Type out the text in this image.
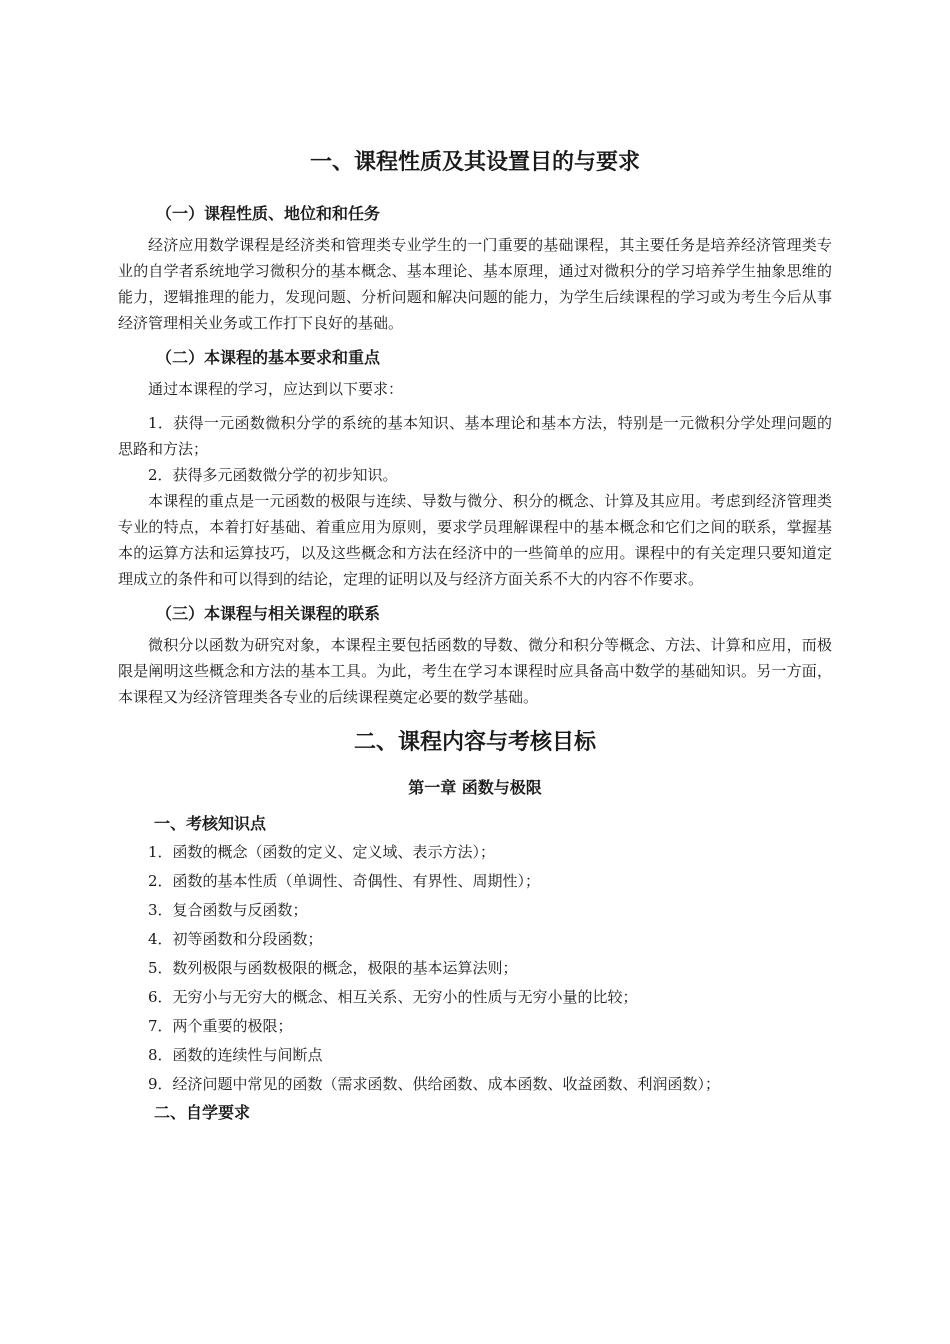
一、课程性质及其设置目的与要求
（一）课程性质、地位和和任务

经济应用数学课程是经济类和管理类专业学生的一门重要的基础课程，其主要任务是培养经济管理类专业的自学者系统地学习微积分的基本概念、基本理论、基本原理，通过对微积分的学习培养学生抽象思维的能力，逻辑推理的能力，发现问题、分析问题和解决问题的能力，为学生后续课程的学习或为考生今后从事经济管理相关业务或工作打下良好的基础。

（二）本课程的基本要求和重点

通过本课程的学习，应达到以下要求：

1．获得一元函数微积分学的系统的基本知识、基本理论和基本方法，特别是一元微积分学处理问题的思路和方法；

2．获得多元函数微分学的初步知识。

本课程的重点是一元函数的极限与连续、导数与微分、积分的概念、计算及其应用。考虑到经济管理类专业的特点，本着打好基础、着重应用为原则，要求学员理解课程中的基本概念和它们之间的联系，掌握基本的运算方法和运算技巧，以及这些概念和方法在经济中的一些简单的应用。课程中的有关定理只要知道定理成立的条件和可以得到的结论，定理的证明以及与经济方面关系不大的内容不作要求。

（三）本课程与相关课程的联系

微积分以函数为研究对象，本课程主要包括函数的导数、微分和积分等概念、方法、计算和应用，而极限是阐明这些概念和方法的基本工具。为此，考生在学习本课程时应具备高中数学的基础知识。另一方面，本课程又为经济管理类各专业的后续课程奠定必要的数学基础。

二、课程内容与考核目标
第一章 函数与极限
一、考核知识点

1．函数的概念（函数的定义、定义域、表示方法）；

2．函数的基本性质（单调性、奇偶性、有界性、周期性）；

3．复合函数与反函数；

4．初等函数和分段函数；

5．数列极限与函数极限的概念，极限的基本运算法则；

6．无穷小与无穷大的概念、相互关系、无穷小的性质与无穷小量的比较；

7．两个重要的极限；

8．函数的连续性与间断点

9．经济问题中常见的函数（需求函数、供给函数、成本函数、收益函数、利润函数）；

二、自学要求
